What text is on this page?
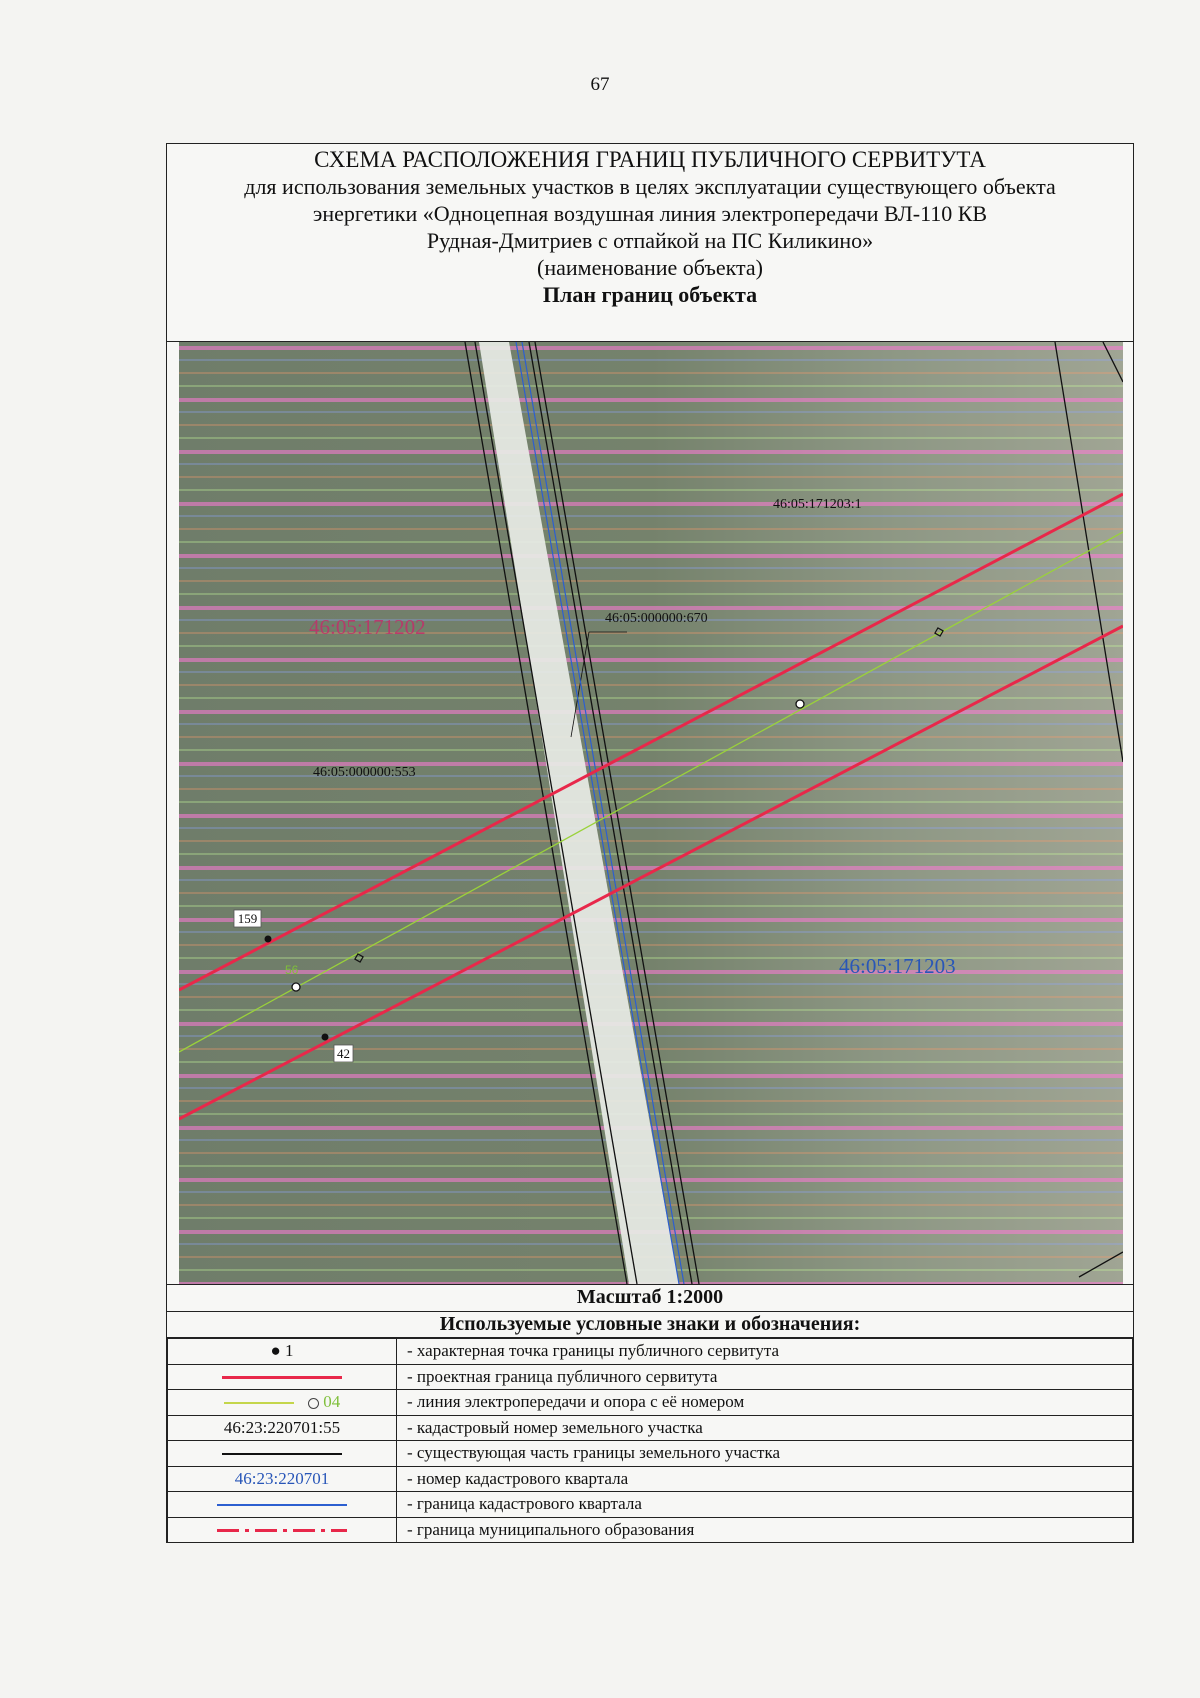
67
СХЕМА РАСПОЛОЖЕНИЯ ГРАНИЦ ПУБЛИЧНОГО СЕРВИТУТА
для использования земельных участков в целях эксплуатации существующего объекта
энергетики «Одноцепная воздушная линия электропередачи ВЛ-110 КВ
Рудная-Дмитриев с отпайкой на ПС Киликино»
(наименование объекта)
План границ объекта
56
159
42
46:05:171202
46:05:171203
46:05:171203:1
46:05:000000:670
46:05:000000:553
Масштаб 1:2000
Используемые условные знаки и обозначения:
● 1	- характерная точка границы публичного сервитута
	- проектная граница публичного сервитута
04	- линия электропередачи и опора с её номером
46:23:220701:55	- кадастровый номер земельного участка
	- существующая часть границы земельного участка
46:23:220701	- номер кадастрового квартала
	- граница кадастрового квартала
	- граница муниципального образования
